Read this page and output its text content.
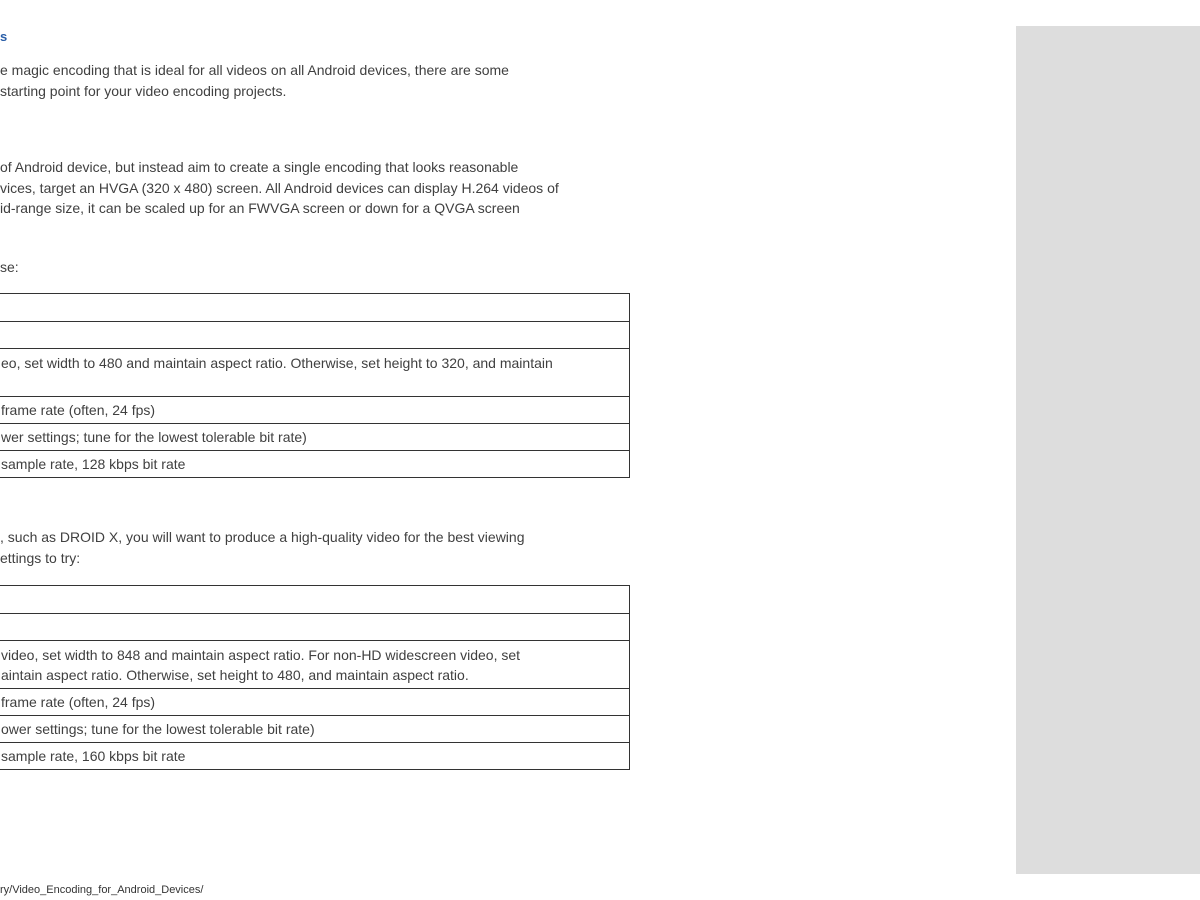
s
e magic encoding that is ideal for all videos on all Android devices, there are some
starting point for your video encoding projects.
of Android device, but instead aim to create a single encoding that looks reasonable
vices, target an HVGA (320 x 480) screen. All Android devices can display H.264 videos of
id-range size, it can be scaled up for an FWVGA screen or down for a QVGA screen
se:

eo, set width to 480 and maintain aspect ratio. Otherwise, set height to 320, and maintain

frame rate (often, 24 fps)
wer settings; tune for the lowest tolerable bit rate)
sample rate, 128 kbps bit rate
, such as DROID X, you will want to produce a high-quality video for the best viewing
ettings to try:

video, set width to 848 and maintain aspect ratio. For non-HD widescreen video, set
aintain aspect ratio. Otherwise, set height to 480, and maintain aspect ratio.

frame rate (often, 24 fps)
ower settings; tune for the lowest tolerable bit rate)
sample rate, 160 kbps bit rate
ry/Video_Encoding_for_Android_Devices/
